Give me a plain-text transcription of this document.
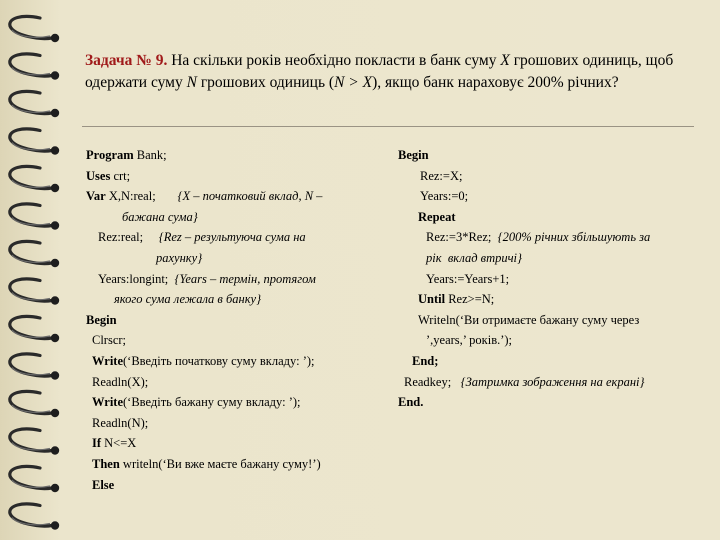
Задача № 9. На скільки років необхідно покласти в банк суму X грошових одиниць, щоб одержати суму N грошових одиниць (N > X), якщо банк нараховує 200% річних?
Program Bank;
Uses crt;
Var X,N:real;       {X – початковий вклад, N –
бажана сума}
Rez:real;     {Rez – результуюча сума на
рахунку}
Years:longint;  {Years – термін, протягом
якого сума лежала в банку}
Begin
Clrscr;
Write(‘Введіть початкову суму вкладу: ’);
Readln(X);
Write(‘Введіть бажану суму вкладу: ’);
Readln(N);
If N<=X
Then writeln(‘Ви вже маєте бажану суму!’)
Else
Begin
Rez:=X;
Years:=0;
Repeat
Rez:=3*Rez;  {200% річних збільшують за
рік  вклад втричі}
Years:=Years+1;
Until Rez>=N;
Writeln(‘Ви отримаєте бажану суму через
’,years,’ років.’);
End;
Readkey;   {Затримка зображення на екрані}
End.
